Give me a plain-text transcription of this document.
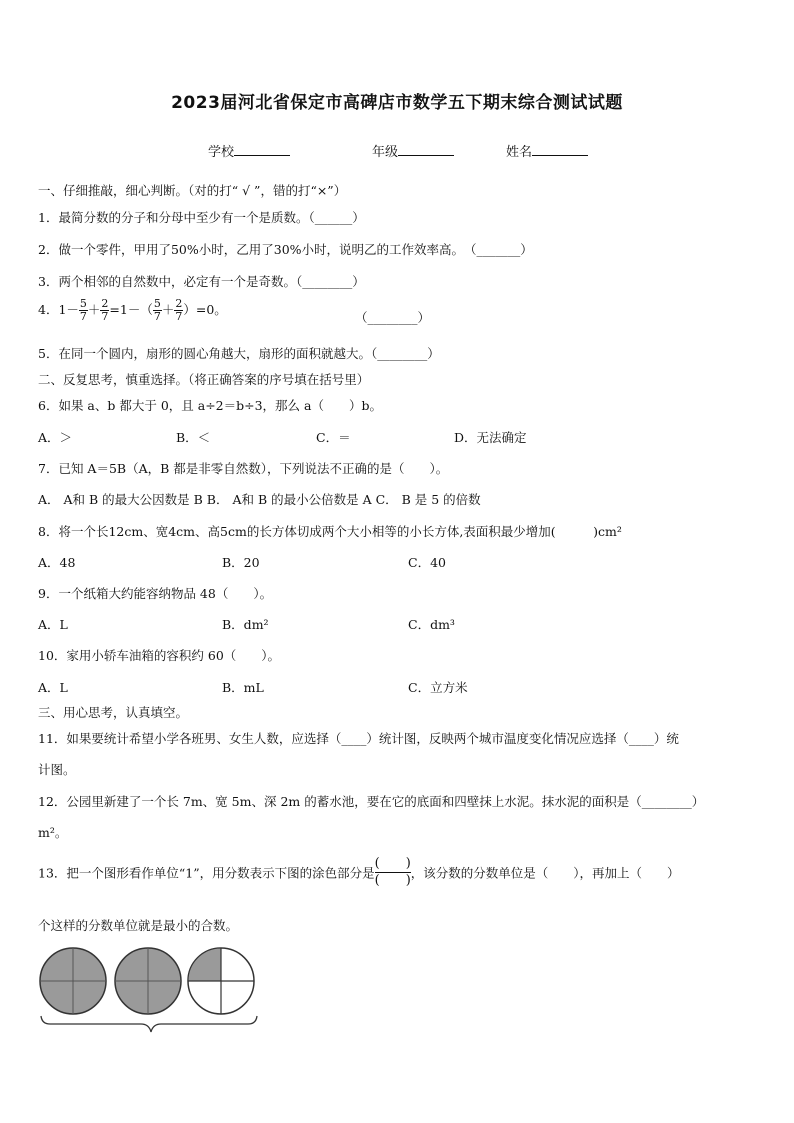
2023届河北省保定市高碑店市数学五下期末综合测试试题
学校	年级	姓名
一、仔细推敲，细心判断。（对的打“ √ ”，错的打“×”）
1．最简分数的分子和分母中至少有一个是质数。（______）
2．做一个零件，甲用了50%小时，乙用了30%小时，说明乙的工作效率高。　（_______）
3．两个相邻的自然数中，必定有一个是奇数。（________）
4．$1- \frac{5}{7} + \frac{2}{7} =1-( \frac{5}{7} + \frac{2}{7} )=0$。
（________）
5．在同一个圆内，扇形的圆心角越大，扇形的面积就越大。（________）
二、反复思考，慎重选择。（将正确答案的序号填在括号里）
6．如果 a、b 都大于 0，且 a÷2＝b÷3，那么 a（　　）b。
A．＞	B．＜	C．＝	D．无法确定
7．已知 A＝5B（A，B 都是非零自然数），下列说法不正确的是（　　）。
A． A和 B 的最大公因数是 B B． A和 B 的最小公倍数是 A C． B 是 5 的倍数
8．将一个长12cm、宽4cm、高5cm的长方体切成两个大小相等的小长方体,表面积最少增加(　　　)cm²
A．48	B．20	C．40
9．一个纸箱大约能容纳物品 48（　　）。
A．L	B．dm²	C．dm³
10．家用小轿车油箱的容积约 60（　　）。
A．L	B．mL	C．立方米
三、用心思考，认真填空。
11．如果要统计希望小学各班男、女生人数，应选择（____）统计图，反映两个城市温度变化情况应选择（____）统
计图。
12．公园里新建了一个长 7m、宽 5m、深 2m 的蓄水池，要在它的底面和四壁抹上水泥。抹水泥的面积是（________）
m²。
13．把一个图形看作单位“1”，用分数表示下图的涂色部分是
(　　)
(　　) ，该分数的分数单位是（　　），再加上（　　）
个这样的分数单位就是最小的合数。
